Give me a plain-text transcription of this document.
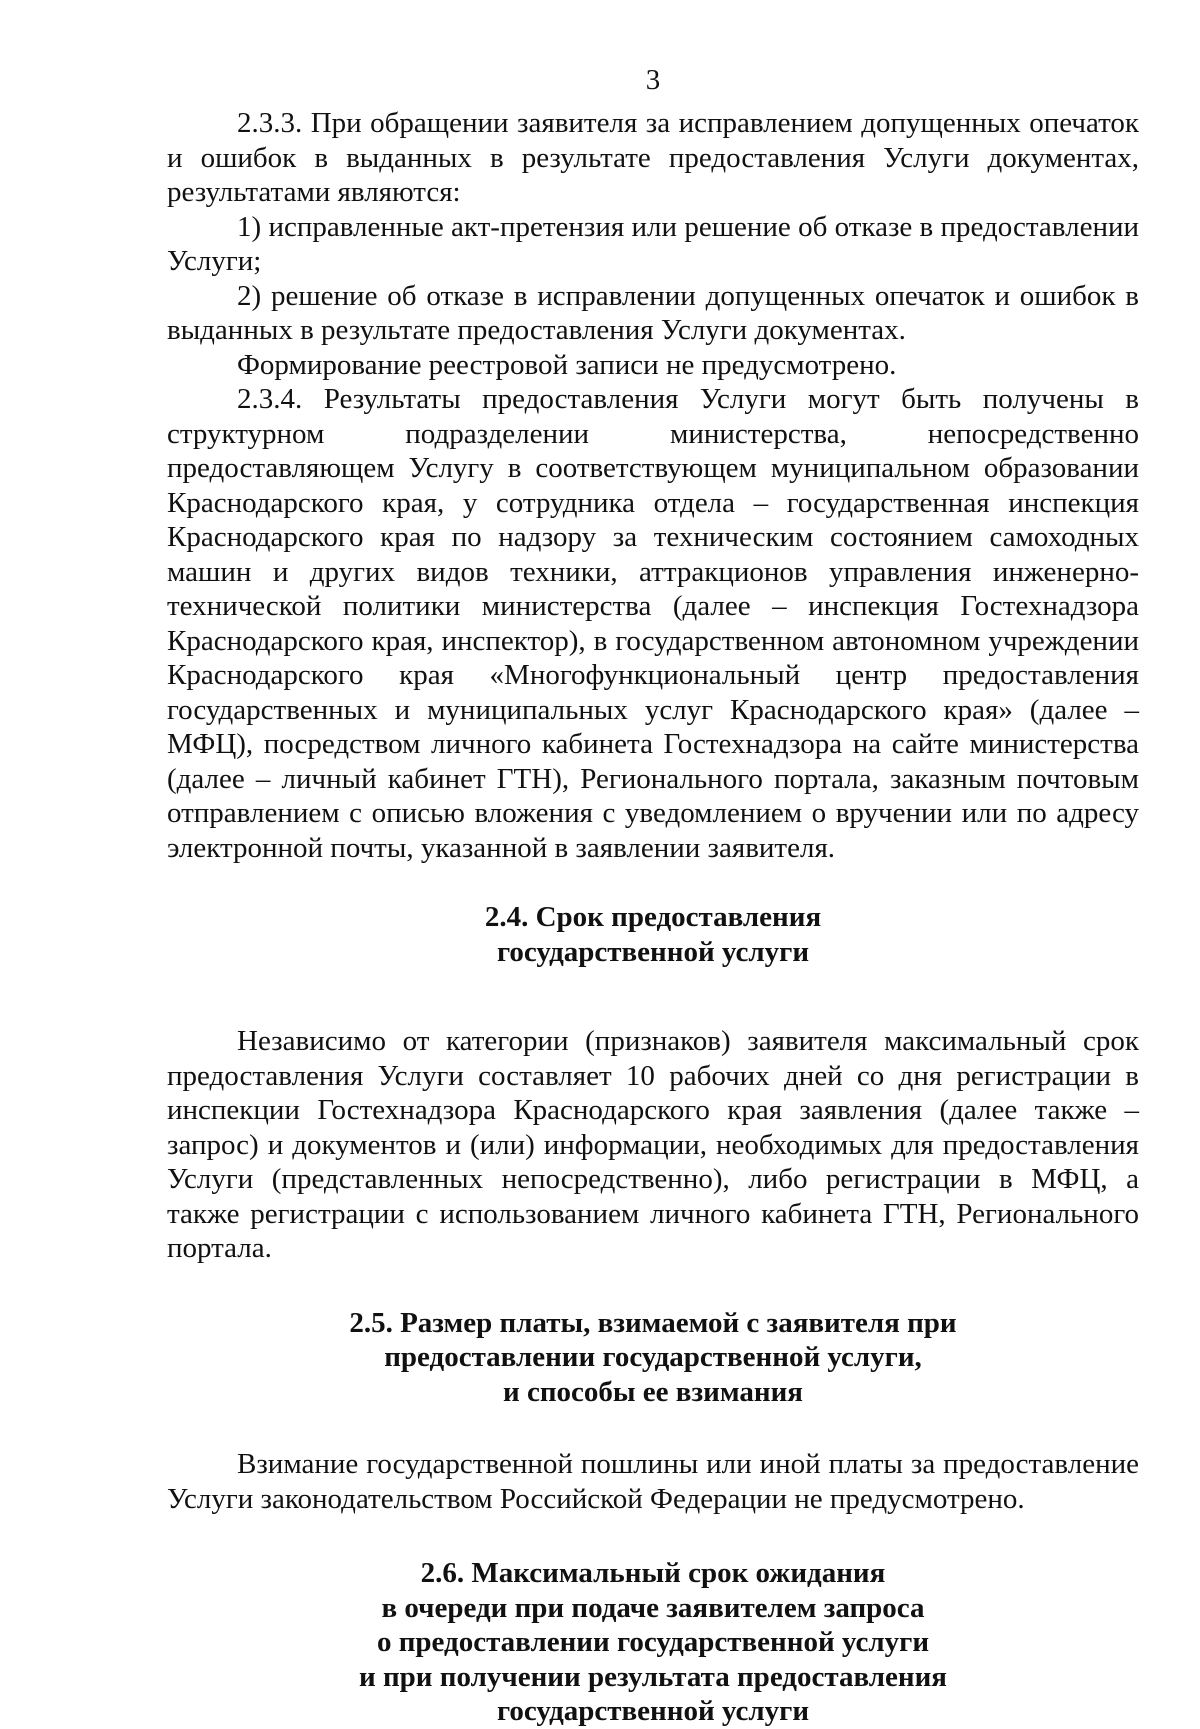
3

2.3.3. При обращении заявителя за исправлением допущенных опечаток и ошибок в выданных в результате предоставления Услуги документах, результатами являются:

1) исправленные акт-претензия или решение об отказе в предоставлении Услуги;

2) решение об отказе в исправлении допущенных опечаток и ошибок в выданных в результате предоставления Услуги документах.

Формирование реестровой записи не предусмотрено.

2.3.4. Результаты предоставления Услуги могут быть получены в структурном подразделении министерства, непосредственно предоставляющем Услугу в соответствующем муниципальном образовании Краснодарского края, у сотрудника отдела – государственная инспекция Краснодарского края по надзору за техническим состоянием самоходных машин и других видов техники, аттракционов управления инженерно-технической политики министерства (далее – инспекция Гостехнадзора Краснодарского края, инспектор), в государственном автономном учреждении Краснодарского края «Многофункциональный центр предоставления государственных и муниципальных услуг Краснодарского края» (далее – МФЦ), посредством личного кабинета Гостехнадзора на сайте министерства (далее – личный кабинет ГТН), Регионального портала, заказным почтовым отправлением с описью вложения с уведомлением о вручении или по адресу электронной почты, указанной в заявлении заявителя.

2.4. Срок предоставления
государственной услуги

Независимо от категории (признаков) заявителя максимальный срок предоставления Услуги составляет 10 рабочих дней со дня регистрации в инспекции Гостехнадзора Краснодарского края заявления (далее также – запрос) и документов и (или) информации, необходимых для предоставления Услуги (представленных непосредственно), либо регистрации в МФЦ, а также регистрации с использованием личного кабинета ГТН, Регионального портала.

2.5. Размер платы, взимаемой с заявителя при
предоставлении государственной услуги,
и способы ее взимания

Взимание государственной пошлины или иной платы за предоставление Услуги законодательством Российской Федерации не предусмотрено.

2.6. Максимальный срок ожидания
в очереди при подаче заявителем запроса
о предоставлении государственной услуги
и при получении результата предоставления
государственной услуги
